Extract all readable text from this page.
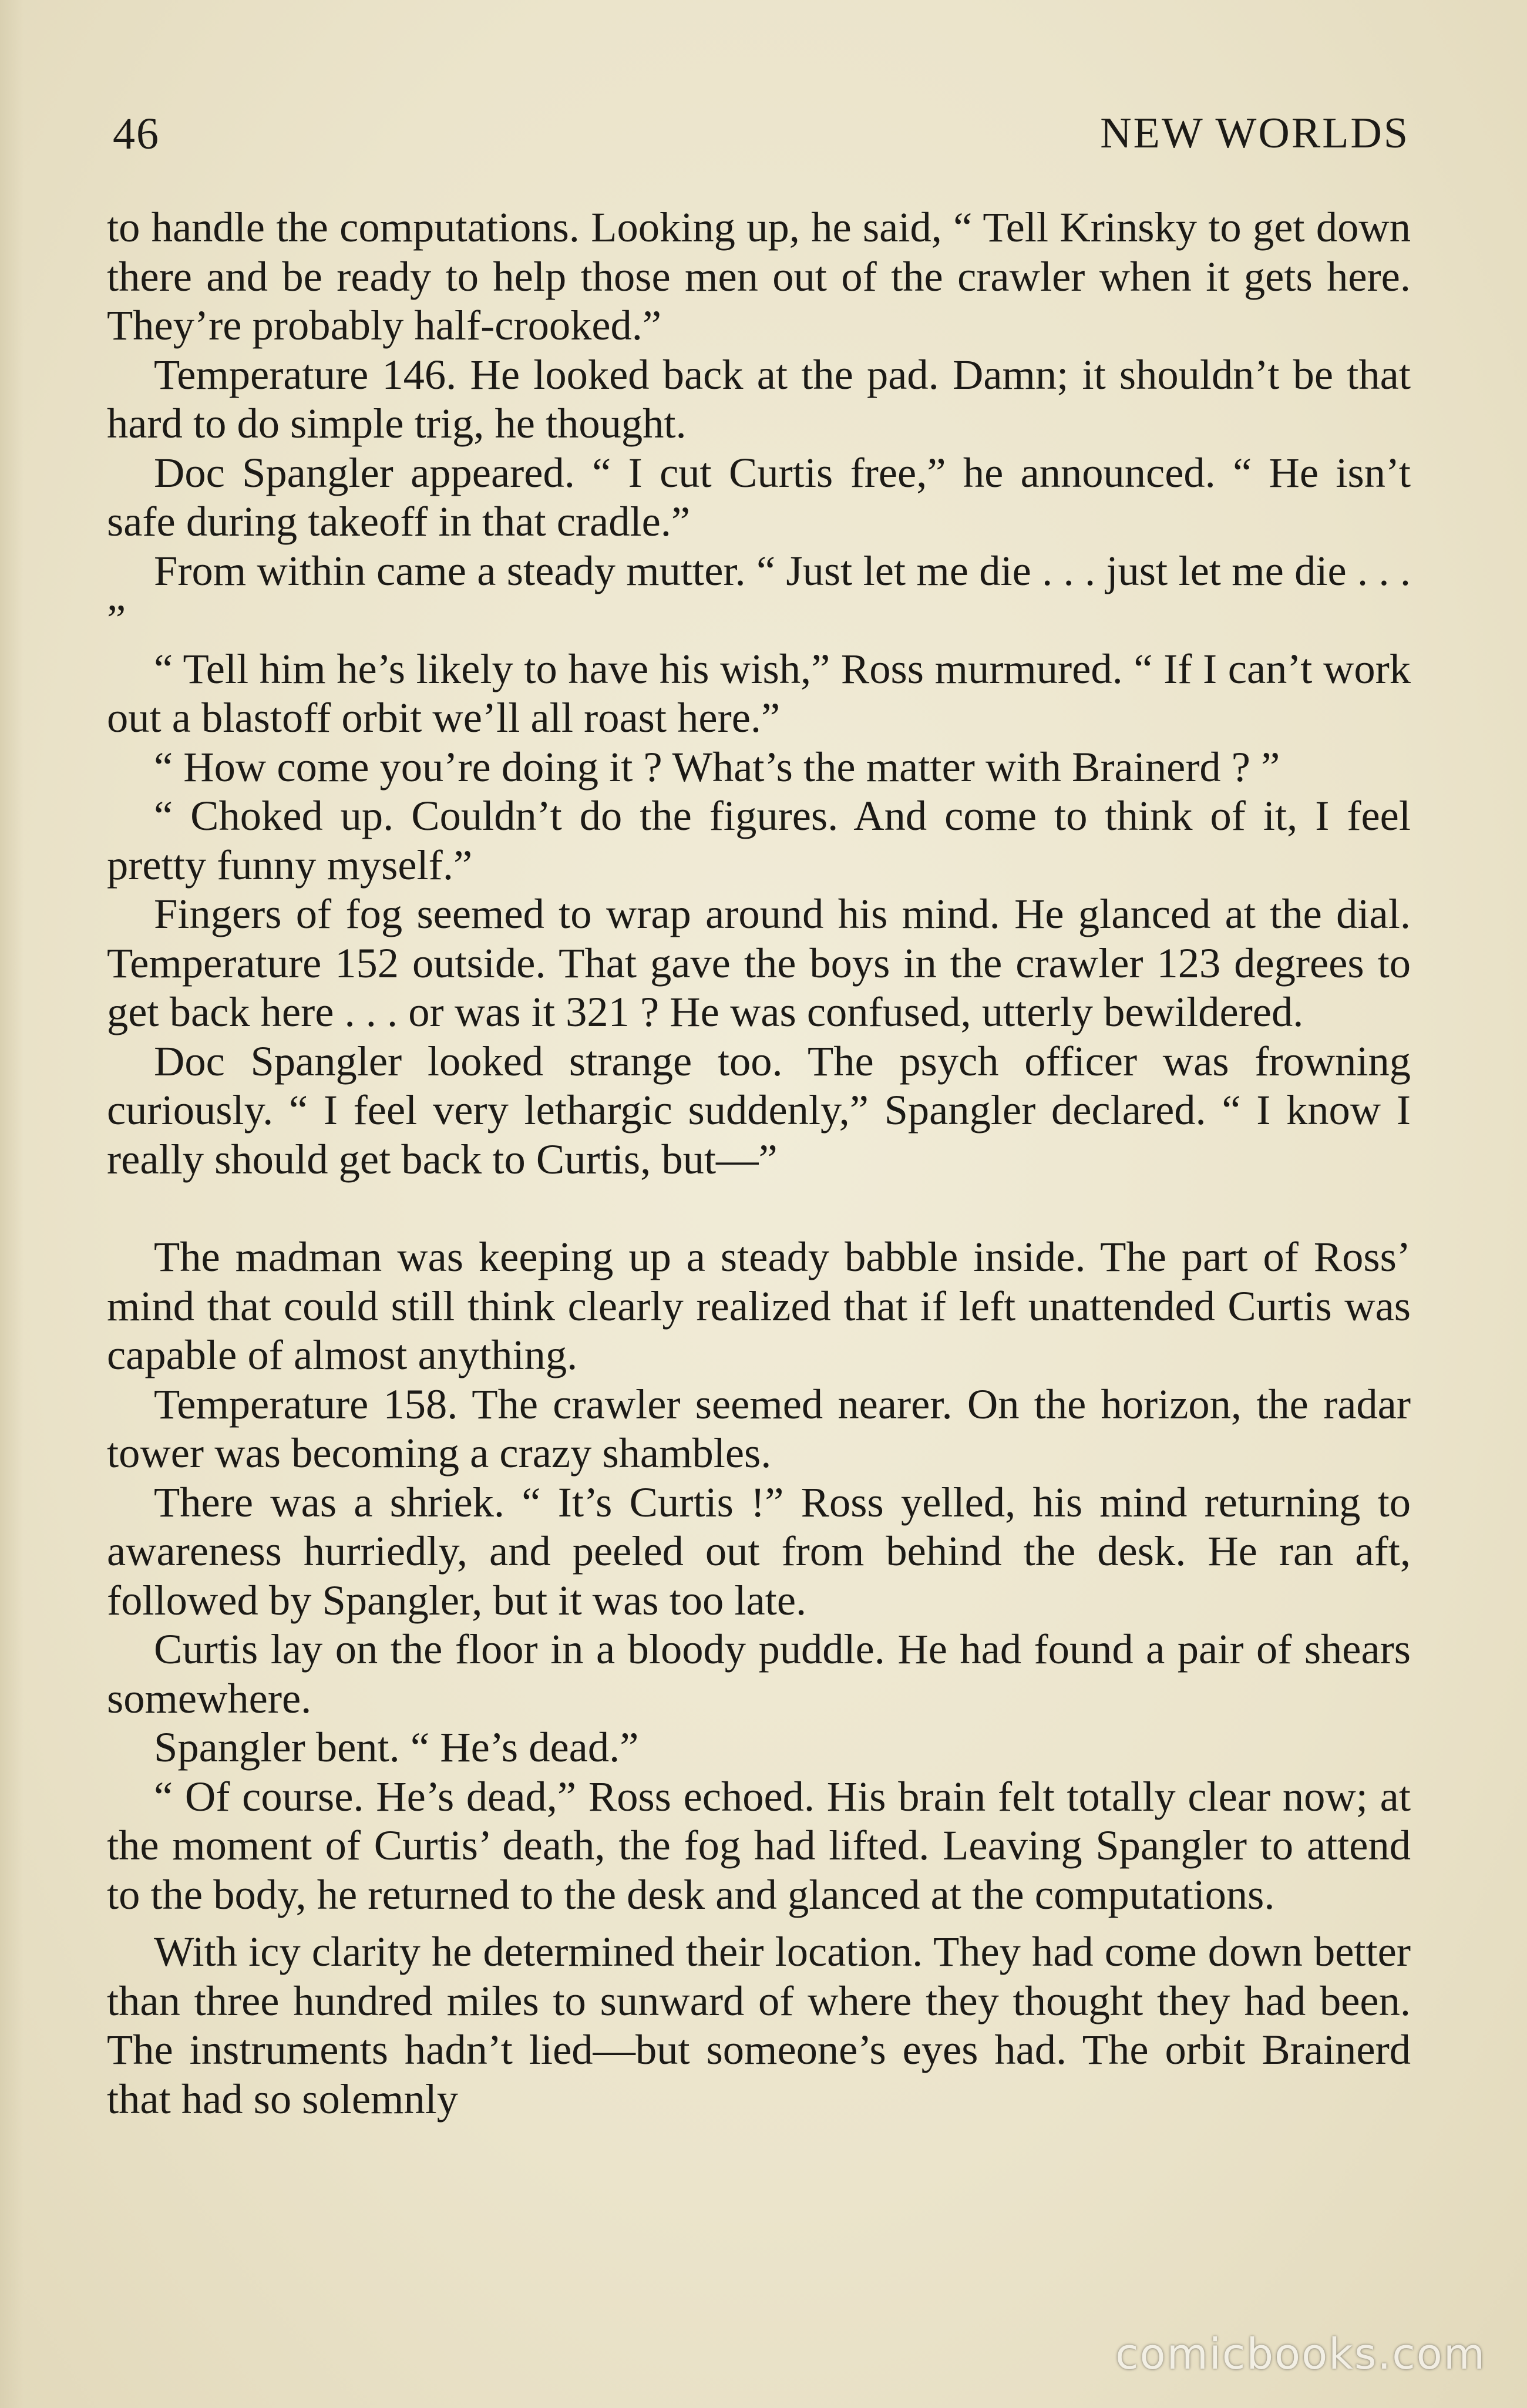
46	NEW WORLDS

to handle the computations. Looking up, he said, “ Tell Krinsky to get down there and be ready to help those men out of the crawler when it gets here. They’re probably half-crooked.”

Temperature 146. He looked back at the pad. Damn; it shouldn’t be that hard to do simple trig, he thought.

Doc Spangler appeared. “ I cut Curtis free,” he announced. “ He isn’t safe during takeoff in that cradle.”

From within came a steady mutter. “ Just let me die . . . just let me die . . . ”

“ Tell him he’s likely to have his wish,” Ross murmured. “ If I can’t work out a blastoff orbit we’ll all roast here.”

“ How come you’re doing it ? What’s the matter with Brainerd ? ”

“ Choked up. Couldn’t do the figures. And come to think of it, I feel pretty funny myself.”

Fingers of fog seemed to wrap around his mind. He glanced at the dial. Temperature 152 outside. That gave the boys in the crawler 123 degrees to get back here . . . or was it 321 ? He was confused, utterly bewildered.

Doc Spangler looked strange too. The psych officer was frowning curiously. “ I feel very lethargic suddenly,” Spangler declared. “ I know I really should get back to Curtis, but—”

The madman was keeping up a steady babble inside. The part of Ross’ mind that could still think clearly realized that if left unattended Curtis was capable of almost anything.

Temperature 158. The crawler seemed nearer. On the horizon, the radar tower was becoming a crazy shambles.

There was a shriek. “ It’s Curtis !” Ross yelled, his mind returning to awareness hurriedly, and peeled out from behind the desk. He ran aft, followed by Spangler, but it was too late.

Curtis lay on the floor in a bloody puddle. He had found a pair of shears somewhere.

Spangler bent. “ He’s dead.”

“ Of course. He’s dead,” Ross echoed. His brain felt totally clear now; at the moment of Curtis’ death, the fog had lifted. Leaving Spangler to attend to the body, he returned to the desk and glanced at the computations.

With icy clarity he determined their location. They had come down better than three hundred miles to sunward of where they thought they had been. The instruments hadn’t lied—but someone’s eyes had. The orbit Brainerd that had so solemnly

comicbooks.com
